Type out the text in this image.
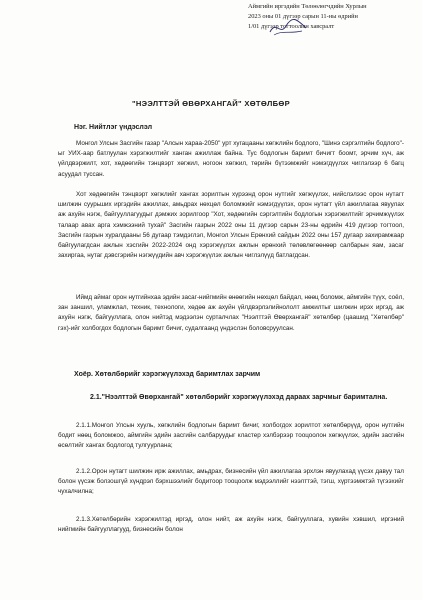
Аймгийн иргэдийн Төлөөлөгчдийн Хурлын

2023 оны 01 дүгээр сарын 11-ны өдрийн

1/01 дүгээр тогтоолын хавсралт

"НЭЭЛТТЭЙ ӨВӨРХАНГАЙ" ХӨТӨЛБӨР
Нэг. Нийтлэг үндэслэл

Монгол Улсын Засгийн газар "Алсын хараа-2050" урт хугацааны хөгжлийн бодлого, "Шинэ сэргэлтийн бодлого"-ыг УИХ-аар батлуулан хэрэгжилтийг ханган ажиллаж байна. Тус бодлогын баримт бичигт боомт, эрчим хүч, аж үйлдвэржилт, хот, хөдөөгийн тэнцвэрт хөгжил, ногоон хөгжил, төрийн бүтээмжийг нэмэгдүүлэх чиглэлээр 6 багц асуудал туссан.

Хот хөдөөгийн тэнцвэрт хөгжлийг хангах зорилтын хүрээнд орон нутгийг хөгжүүлэх, нийслэлээс орон нутагт шилжин суурьших иргэдийн ажиллах, амьдрах нөхцөл боломжийг нэмэгдүүлэх, орон нутагт үйл ажиллагаа явуулах аж ахуйн нэгж, байгууллагуудыг дэмжих зорилгоор "Хот, хөдөөгийн сэргэлтийн бодлогын хэрэгжилтийг эрчимжүүлэх талаар авах арга хэмжээний тухай" Засгийн газрын 2022 оны 11 дүгээр сарын 23-ны өдрийн 419 дүгээр тогтоол, Засгийн газрын хуралдааны 56 дугаар тэмдэглэл, Монгол Улсын Ерөнхий сайдын 2022 оны 157 дугаар захирамжаар байгуулагдсан ажлын хэсгийн 2022-2024 онд хэрэгжүүлэх ажлын ерөнхий төлөвлөгөөнөөр салбарын яам, засаг захиргаа, нутаг дэвсгэрийн нэгжүүдийн авч хэрэгжүүлэх ажлын чиглэлүүд батлагдсан.

Иймд аймаг орон нутгийнхаа эдийн засаг-нийгмийн өнөөгийн нөхцөл байдал, нөөц боломж, аймгийн түүх, соёл, зан заншил, уламжлал, техник, технологи, хөдөө аж ахуйн үйлдвэрлэлийнололт амжилтыг шилжин ирэх иргэд, аж ахуйн нэгж, байгууллага, олон нийтэд мэдээлэн сурталчлах "Нээлттэй Өвөрхангай" хөтөлбөр (цаашид "Хөтөлбөр" гэх)-ийг холбогдох бодлогын баримт бичиг, судалгаанд үндэслэн боловсруулсан.

Хоёр. Хөтөлбөрийг хэрэгжүүлэхэд баримтлах зарчим
2.1."Нээлттэй Өвөрхангай" хөтөлбөрийг хэрэгжүүлэхэд дараах зарчмыг баримтална.

2.1.1.Монгол Улсын хууль, хөгжлийн бодлогын баримт бичиг, холбогдох зорилтот хөтөлбөрүүд, орон нутгийн бодит нөөц боломжоо, аймгийн эдийн засгийн салбаруудыг кластер хэлбэрээр тооцоолон хөгжүүлэх, эдийн засгийн өсөлтийг хангах бодлогод тулгуурлана;

2.1.2.Орон нутагт шилжин ирж ажиллах, амьдрах, бизнесийн үйл ажиллагаа эрхлэн явуулахад үүсэх давуу тал болон үүсэж болзошгүй хүндрэл бэрхшээлийг бодитоор тооцоолж мэдээллийг нээлттэй, тэгш, хүртээмжтэй түгээхийг чухалчилна;

2.1.3.Хөтөлбөрийн хэрэгжилтэд иргэд, олон нийт, аж ахуйн нэгж, байгууллага, хувийн хэвшил, иргэний нийгмийн байгууллагууд, бизнесийн болон
